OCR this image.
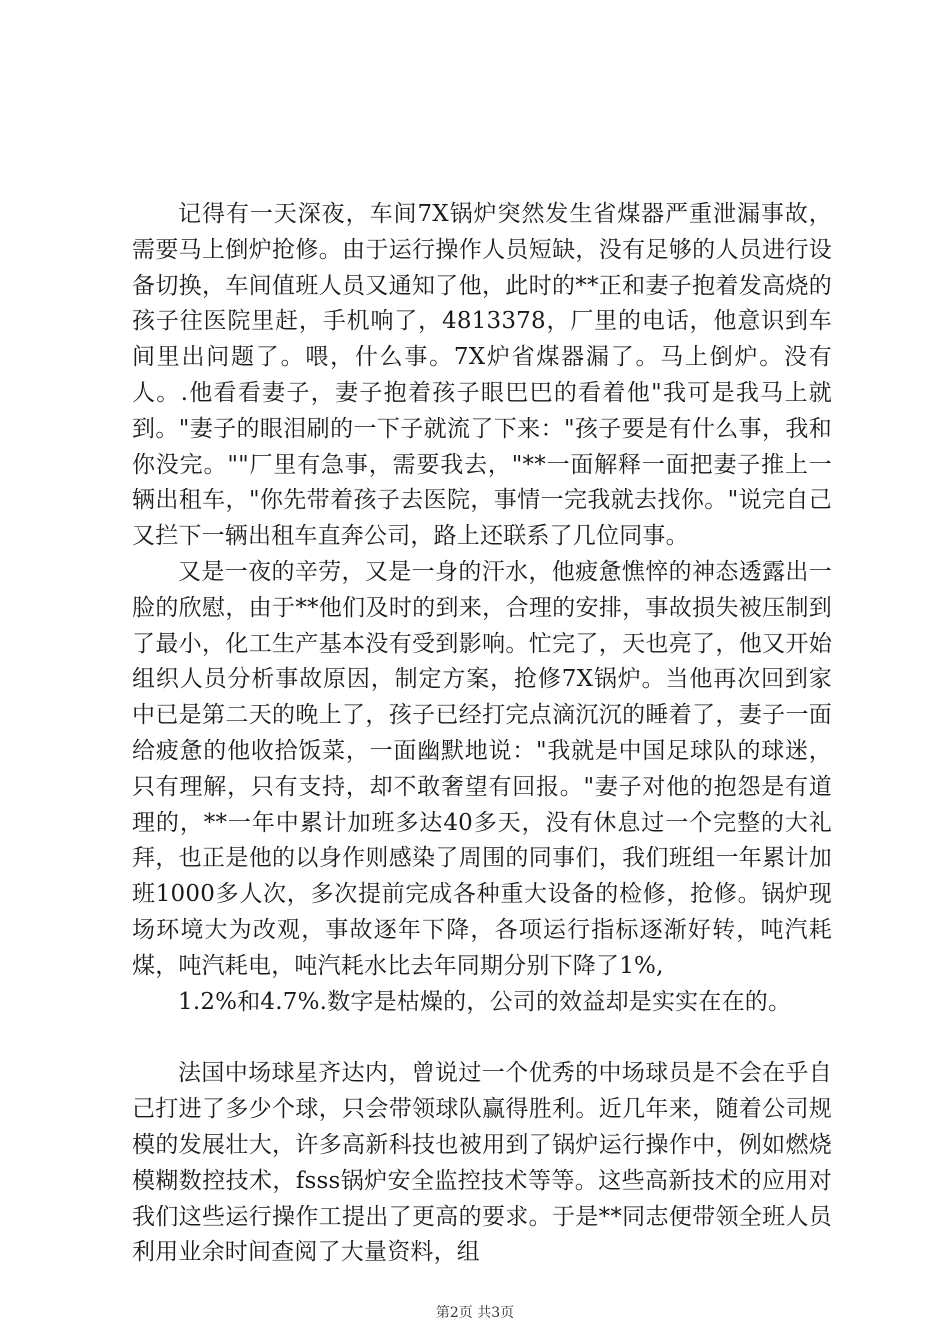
记得有一天深夜，车间7X锅炉突然发生省煤器严重泄漏事故，需要马上倒炉抢修。由于运行操作人员短缺，没有足够的人员进行设备切换，车间值班人员又通知了他，此时的**正和妻子抱着发高烧的孩子往医院里赶，手机响了，4813378，厂里的电话，他意识到车间里出问题了。喂，什么事。7X炉省煤器漏了。马上倒炉。没有人。.他看看妻子，妻子抱着孩子眼巴巴的看着他"我可是我马上就到。"妻子的眼泪刷的一下子就流了下来："孩子要是有什么事，我和你没完。""厂里有急事，需要我去，"**一面解释一面把妻子推上一辆出租车，"你先带着孩子去医院，事情一完我就去找你。"说完自己又拦下一辆出租车直奔公司，路上还联系了几位同事。

又是一夜的辛劳，又是一身的汗水，他疲惫憔悴的神态透露出一脸的欣慰，由于**他们及时的到来，合理的安排，事故损失被压制到了最小，化工生产基本没有受到影响。忙完了，天也亮了，他又开始组织人员分析事故原因，制定方案，抢修7X锅炉。当他再次回到家中已是第二天的晚上了，孩子已经打完点滴沉沉的睡着了，妻子一面给疲惫的他收拾饭菜，一面幽默地说："我就是中国足球队的球迷，只有理解，只有支持，却不敢奢望有回报。"妻子对他的抱怨是有道理的，**一年中累计加班多达40多天，没有休息过一个完整的大礼拜，也正是他的以身作则感染了周围的同事们，我们班组一年累计加班1000多人次，多次提前完成各种重大设备的检修，抢修。锅炉现场环境大为改观，事故逐年下降，各项运行指标逐渐好转，吨汽耗煤，吨汽耗电，吨汽耗水比去年同期分别下降了1%,

1.2%和4.7%.数字是枯燥的，公司的效益却是实实在在的。

法国中场球星齐达内，曾说过一个优秀的中场球员是不会在乎自己打进了多少个球，只会带领球队赢得胜利。近几年来，随着公司规模的发展壮大，许多高新科技也被用到了锅炉运行操作中，例如燃烧模糊数控技术，fsss锅炉安全监控技术等等。这些高新技术的应用对我们这些运行操作工提出了更高的要求。于是**同志便带领全班人员利用业余时间查阅了大量资料，组

第2页 共3页
